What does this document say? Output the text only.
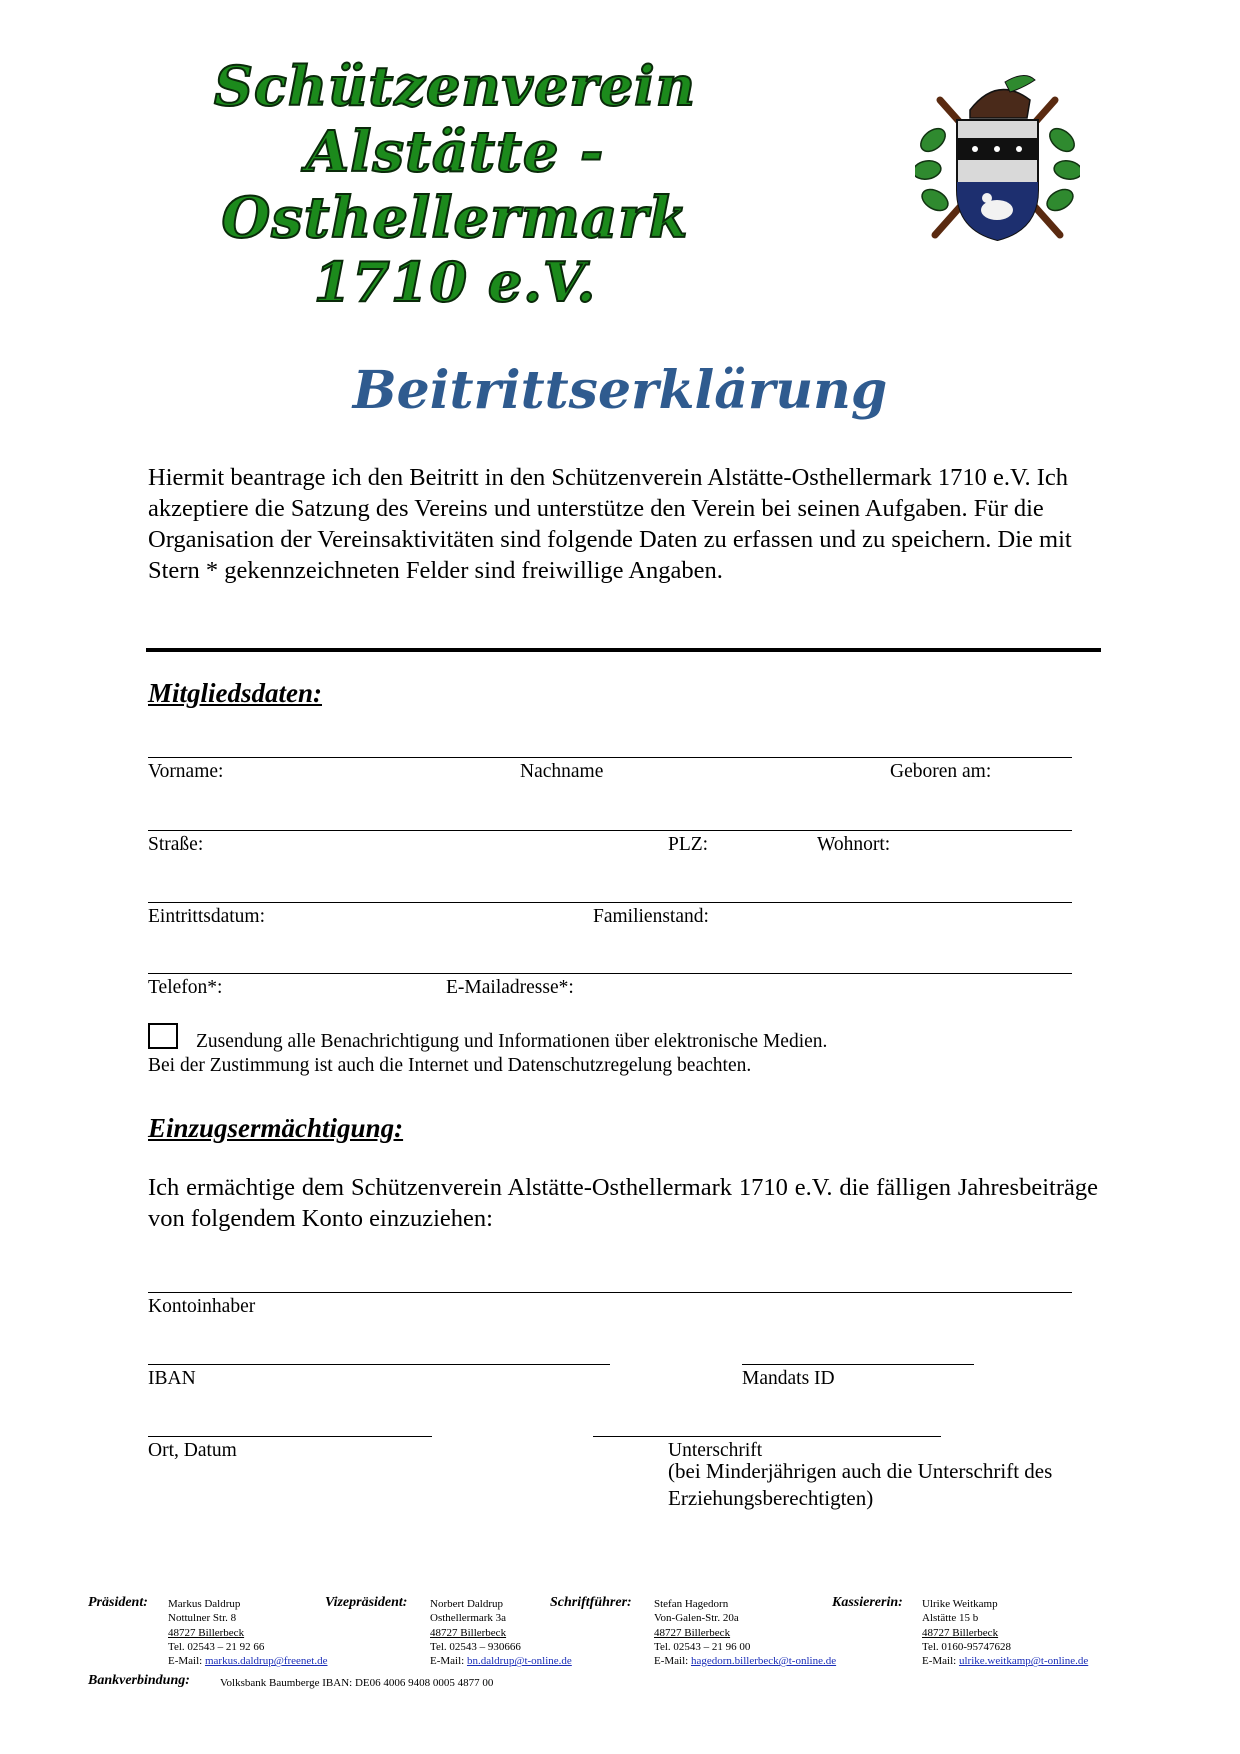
Schützenverein
Alstätte - Osthellermark
1710 e.V.
Beitrittserklärung
Hiermit beantrage ich den Beitritt in den Schützenverein Alstätte-Osthellermark 1710 e.V. Ich akzeptiere die Satzung des Vereins und unterstütze den Verein bei seinen Aufgaben. Für die Organisation der Vereinsaktivitäten sind folgende Daten zu erfassen und zu speichern. Die mit Stern * gekennzeichneten Felder sind freiwillige Angaben.
Mitgliedsdaten:
Vorname:	Nachname	Geboren am:
Straße:	PLZ:	Wohnort:
Eintrittsdatum:	Familienstand:
Telefon*:	E-Mailadresse*:
Zusendung alle Benachrichtigung und Informationen über elektronische Medien.
Bei der Zustimmung ist auch die Internet und Datenschutzregelung beachten.
Einzugsermächtigung:
Ich ermächtige dem Schützenverein Alstätte-Osthellermark 1710 e.V. die fälligen Jahresbeiträge von folgendem Konto einzuziehen:
Kontoinhaber
IBAN	Mandats ID
Ort, Datum	Unterschrift
(bei Minderjährigen auch die Unterschrift des Erziehungsberechtigten)
Präsident: Markus Daldrup
Nottulner Str. 8
48727 Billerbeck
Tel. 02543 – 21 92 66
E-Mail: markus.daldrup@freenet.de
Vizepräsident: Norbert Daldrup
Osthellermark 3a
48727 Billerbeck
Tel. 02543 – 930666
E-Mail: bn.daldrup@t-online.de
Schriftführer: Stefan Hagedorn
Von-Galen-Str. 20a
48727 Billerbeck
Tel. 02543 – 21 96 00
E-Mail: hagedorn.billerbeck@t-online.de
Kassiererin: Ulrike Weitkamp
Alstätte 15 b
48727 Billerbeck
Tel. 0160-95747628
E-Mail: ulrike.weitkamp@t-online.de
Bankverbindung:	Volksbank Baumberge IBAN: DE06 4006 9408 0005 4877 00
